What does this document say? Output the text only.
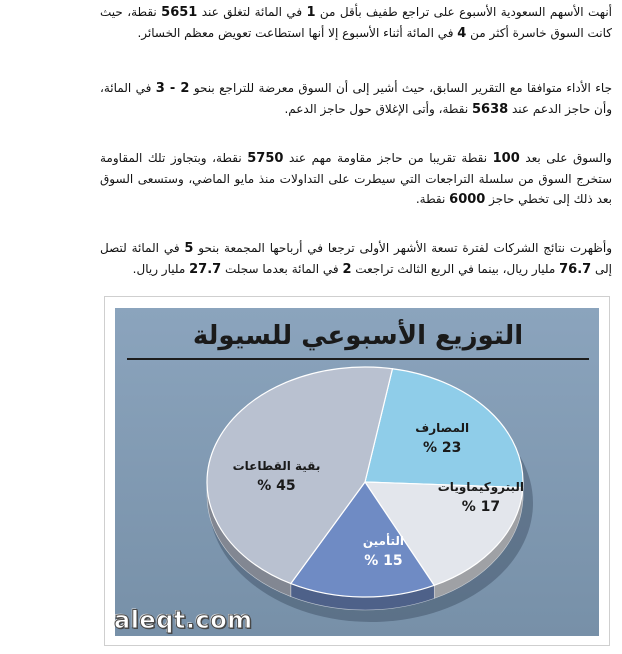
أنهت الأسهم السعودية الأسبوع على تراجع طفيف بأقل من 1 في المائة لتغلق عند 5651 نقطة، حيث كانت السوق خاسرة أكثر من 4 في المائة أثناء الأسبوع إلا أنها استطاعت تعويض معظم الخسائر.

جاء الأداء متوافقا مع التقرير السابق، حيث أشير إلى أن السوق معرضة للتراجع بنحو 2 - 3 في المائة، وأن حاجز الدعم عند 5638 نقطة، وأتى الإغلاق حول حاجز الدعم.

والسوق على بعد 100 نقطة تقريبا من حاجز مقاومة مهم عند 5750 نقطة، وبتجاوز تلك المقاومة ستخرج السوق من سلسلة التراجعات التي سيطرت على التداولات منذ مايو الماضي، وستسعى السوق بعد ذلك إلى تخطي حاجز 6000 نقطة.

وأظهرت نتائج الشركات لفترة تسعة الأشهر الأولى ترجعا في أرباحها المجمعة بنحو 5 في المائة لتصل إلى 76.7 مليار ريال، بينما في الربع الثالث تراجعت 2 في المائة بعدما سجلت 27.7 مليار ريال.

التوزيع الأسبوعي للسيولة
المصارف
% 23
البتروكيماويات
% 17
التأمين
% 15
بقية القطاعات
% 45
aleqt.com
